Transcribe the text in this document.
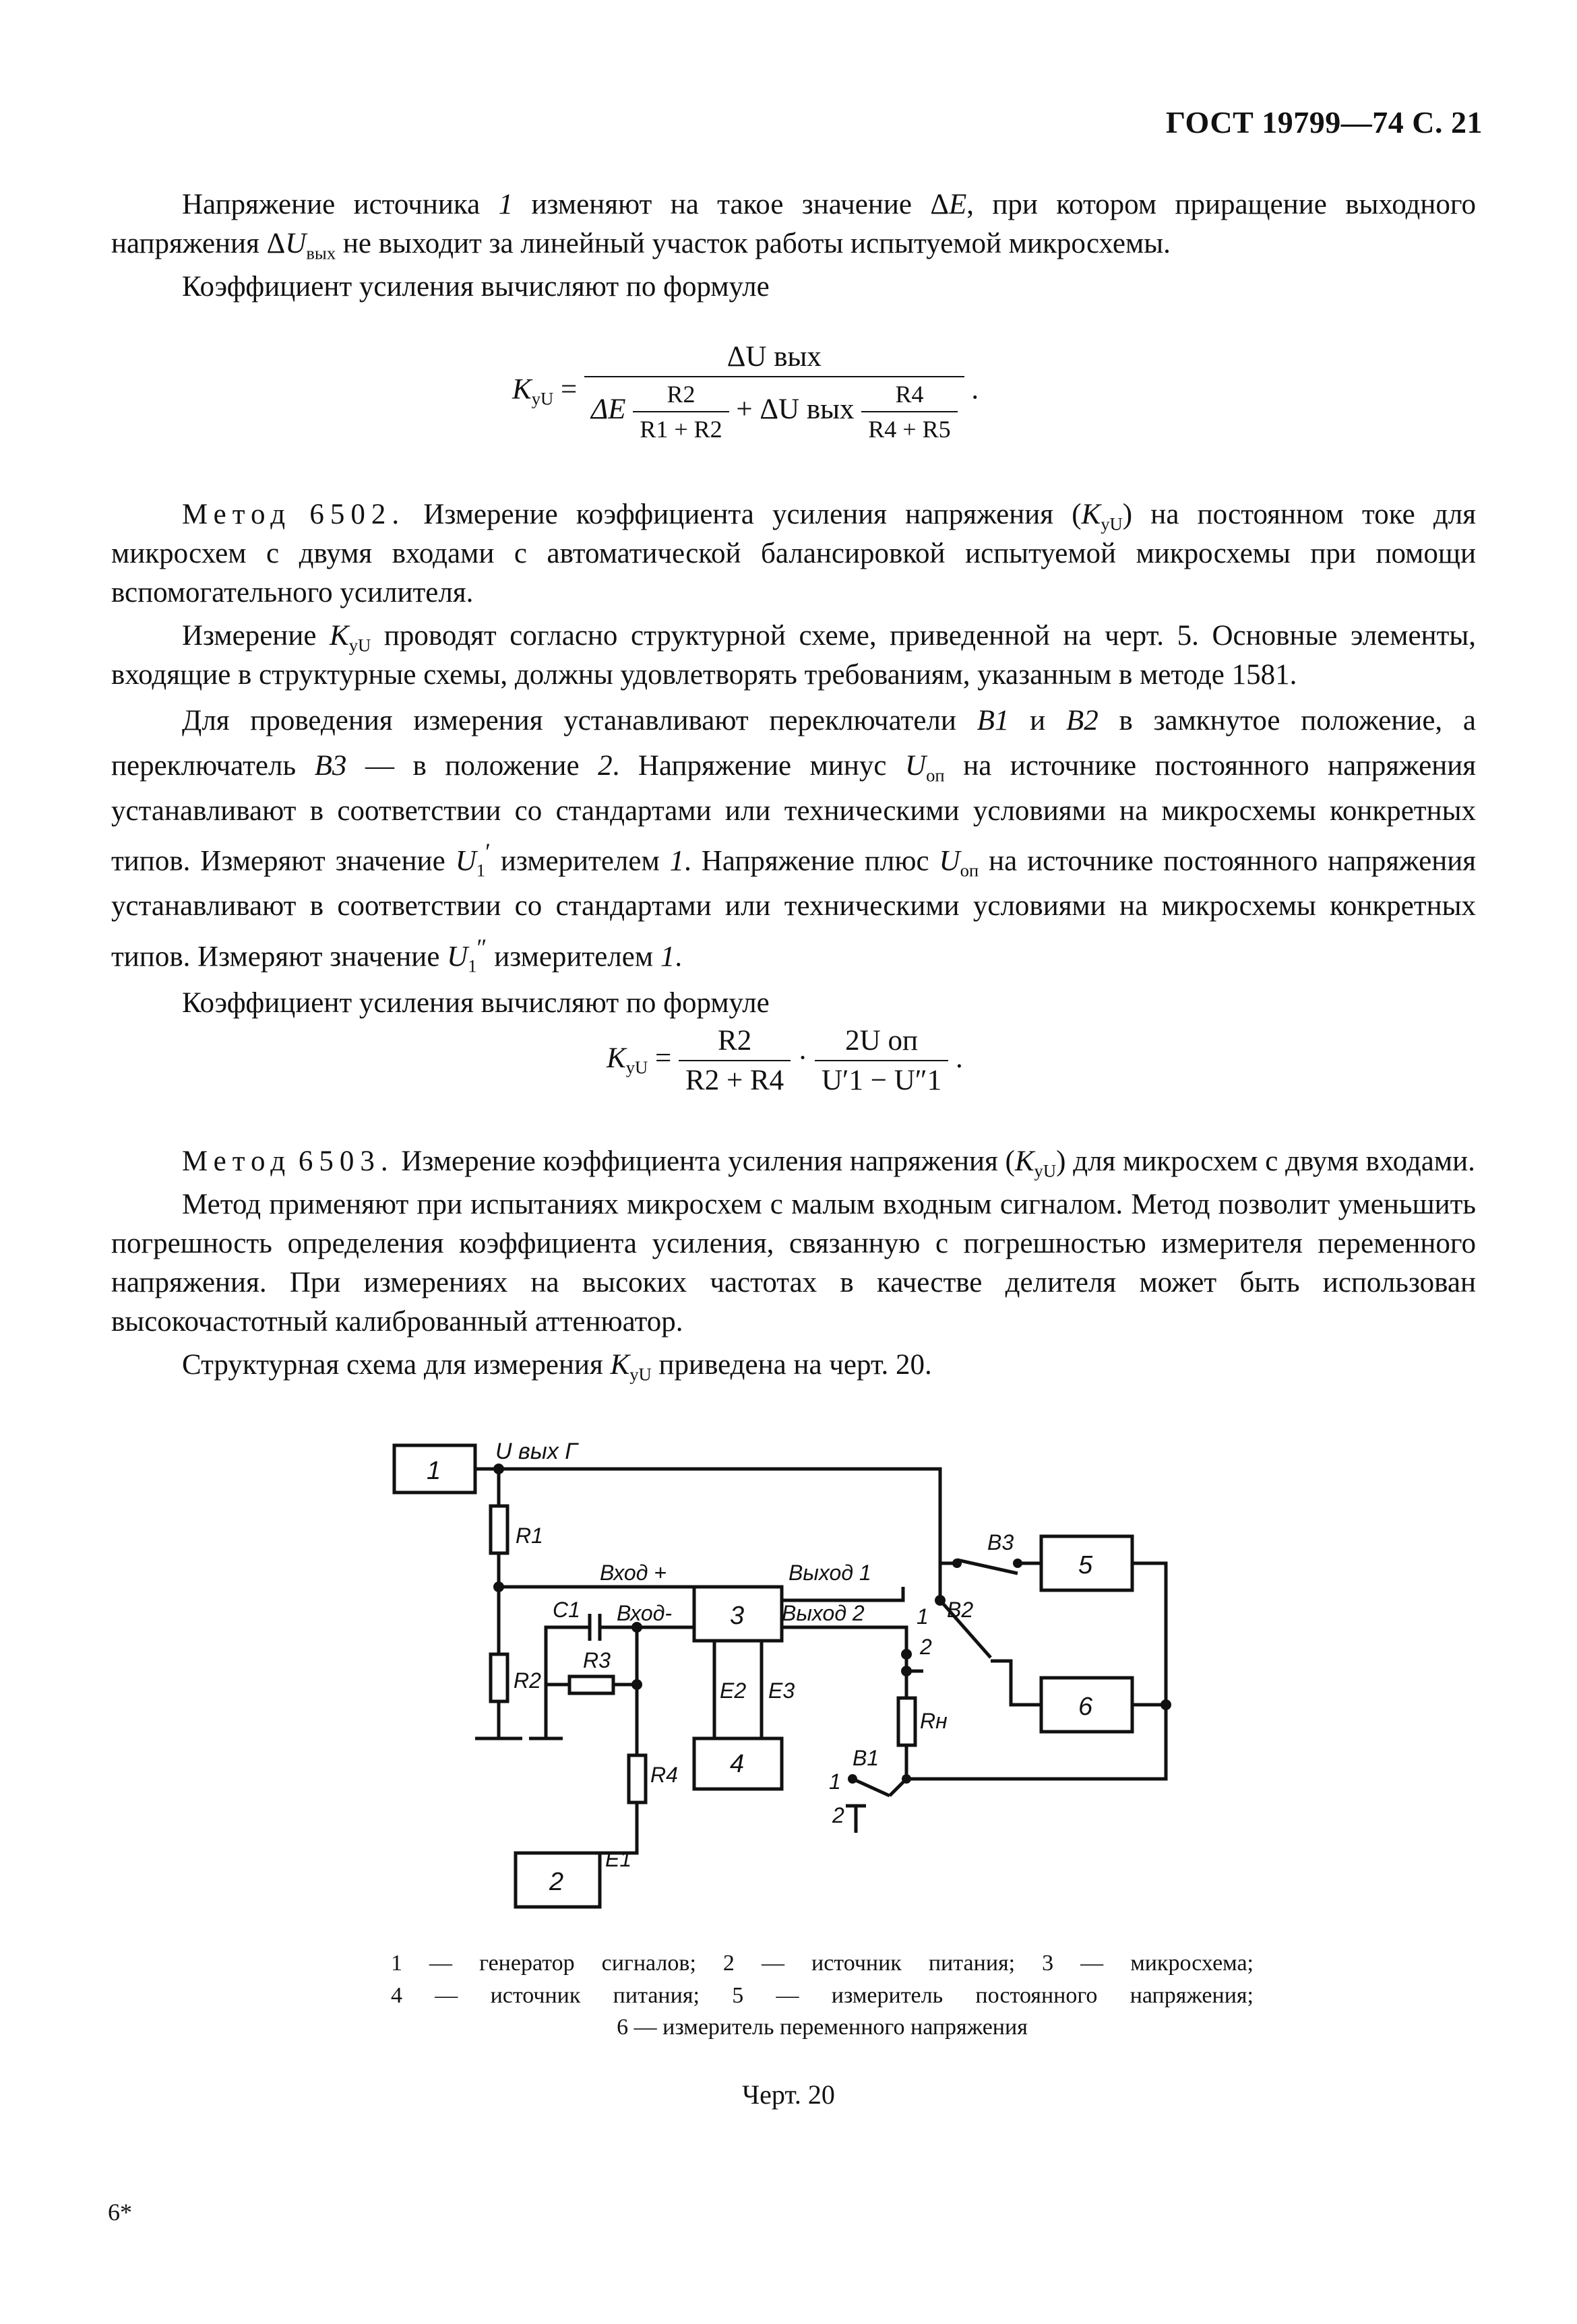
ГОСТ 19799—74 С. 21

Напряжение источника 1 изменяют на такое значение ΔE, при котором приращение выходного напряжения $\Delta U_{вых}$ не выходит за линейный участок работы испытуемой микросхемы.

Коэффициент усиления вычисляют по формуле

$K_{yU} = \frac{\text{ΔU вых}}{\Delta E \frac{R2}{R1 + R2} + \Delta U вых \frac{R4}{R4 + R5}}$ .

Метод 6502. Измерение коэффициента усиления напряжения $(K_{yU})$ на постоянном токе для микросхем с двумя входами с автоматической балансировкой испытуемой микросхемы при помощи вспомогательного усилителя.

Измерение $K_{yU}$ проводят согласно структурной схеме, приведенной на черт. 5. Основные элементы, входящие в структурные схемы, должны удовлетворять требованиям, указанным в методе 1581.

Для проведения измерения устанавливают переключатели B1 и B2 в замкнутое положение, а переключатель B3 — в положение 2. Напряжение минус $U_{оп}$ на источнике постоянного напряжения устанавливают в соответствии со стандартами или техническими условиями на микросхемы конкретных типов. Измеряют значение $U_1'$ измерителем 1. Напряжение плюс $U_{оп}$ на источнике постоянного напряжения устанавливают в соответствии со стандартами или техническими условиями на микросхемы конкретных типов. Измеряют значение $U_1''$ измерителем 1.

Коэффициент усиления вычисляют по формуле

$K_{yU} = \frac{R2}{R2 + R4} \cdot \frac{\text{2U оп}}{U'1 - U''1}$ .

Метод 6503. Измерение коэффициента усиления напряжения $(K_{yU})$ для микросхем с двумя входами.

Метод применяют при испытаниях микросхем с малым входным сигналом. Метод позволит уменьшить погрешность определения коэффициента усиления, связанную с погрешностью измерителя переменного напряжения. При измерениях на высоких частотах в качестве делителя может быть использован высокочастотный калиброванный аттенюатор.

Структурная схема для измерения $K_{yU}$ приведена на черт. 20.

1
2
3
4
5
6
U вых Г
R1
R2
R3
R4
Rн
C1
Вход +
Вход-
Выход 1
Выход 2
E1
E2 E3
B1
B2
B3
1
2
1
2
1 — генератор сигналов; 2 — источник питания; 3 — микросхема;
4 — источник питания; 5 — измеритель постоянного напряжения;
6 — измеритель переменного напряжения
Черт. 20
6*
